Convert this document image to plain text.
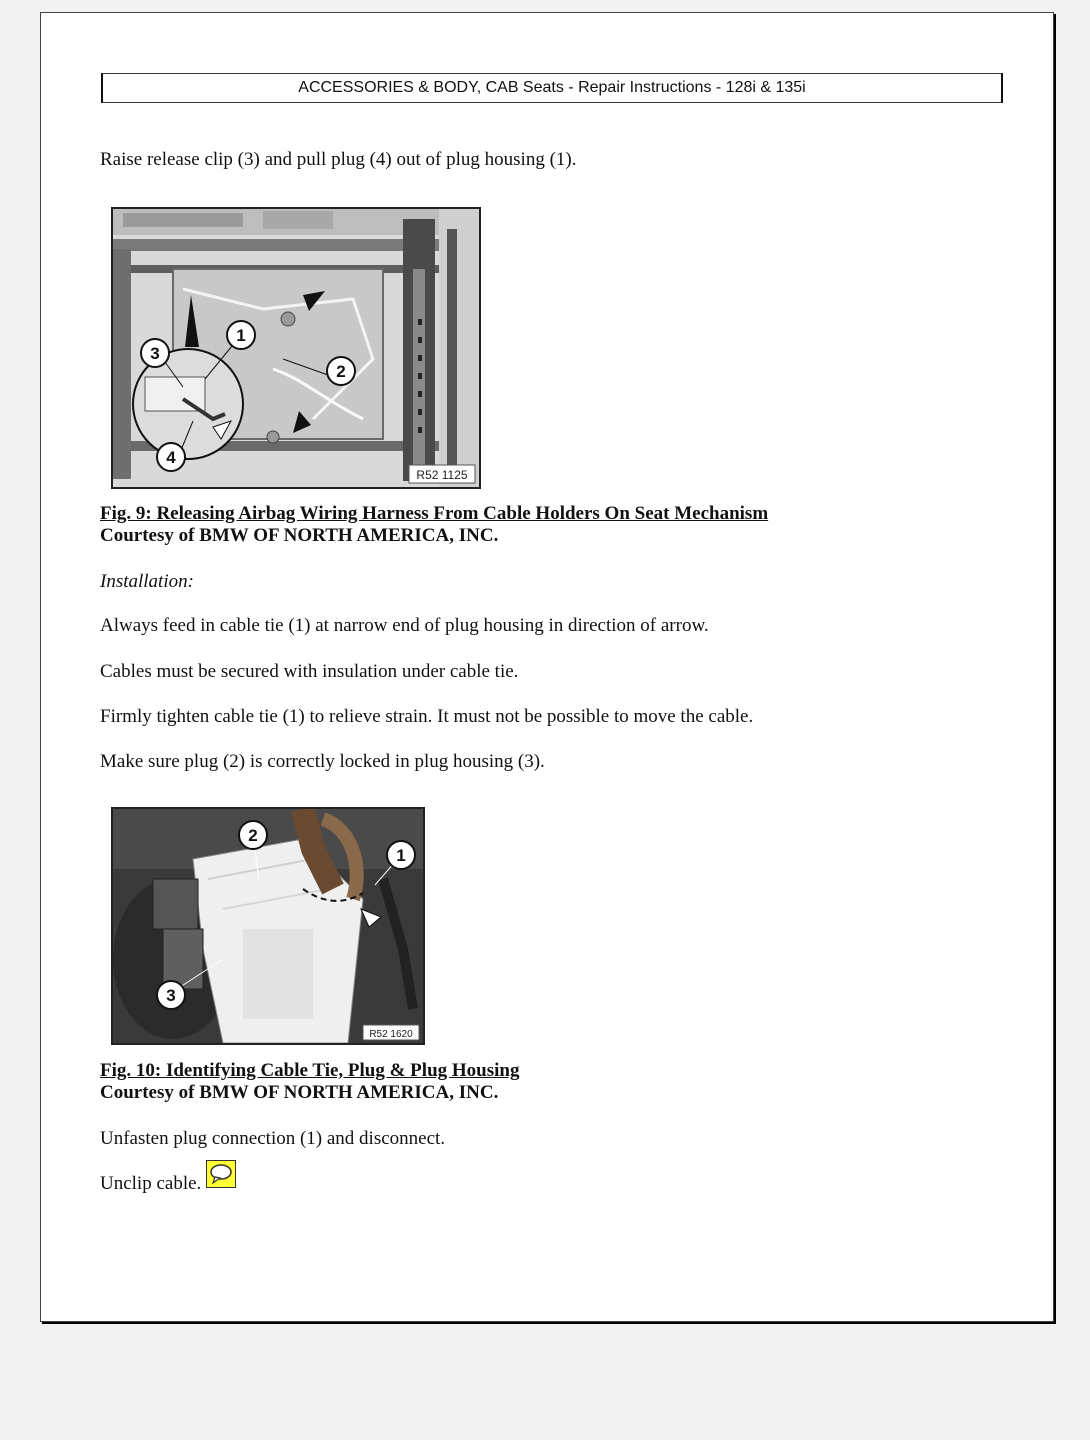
ACCESSORIES & BODY, CAB Seats - Repair Instructions - 128i & 135i
Raise release clip (3) and pull plug (4) out of plug housing (1).
1
2
3
4
R52 1125
Fig. 9: Releasing Airbag Wiring Harness From Cable Holders On Seat Mechanism
Courtesy of BMW OF NORTH AMERICA, INC.
Installation:
Always feed in cable tie (1) at narrow end of plug housing in direction of arrow.
Cables must be secured with insulation under cable tie.
Firmly tighten cable tie (1) to relieve strain. It must not be possible to move the cable.
Make sure plug (2) is correctly locked in plug housing (3).
1
2
3
R52 1620
Fig. 10: Identifying Cable Tie, Plug & Plug Housing
Courtesy of BMW OF NORTH AMERICA, INC.
Unfasten plug connection (1) and disconnect.
Unclip cable.
